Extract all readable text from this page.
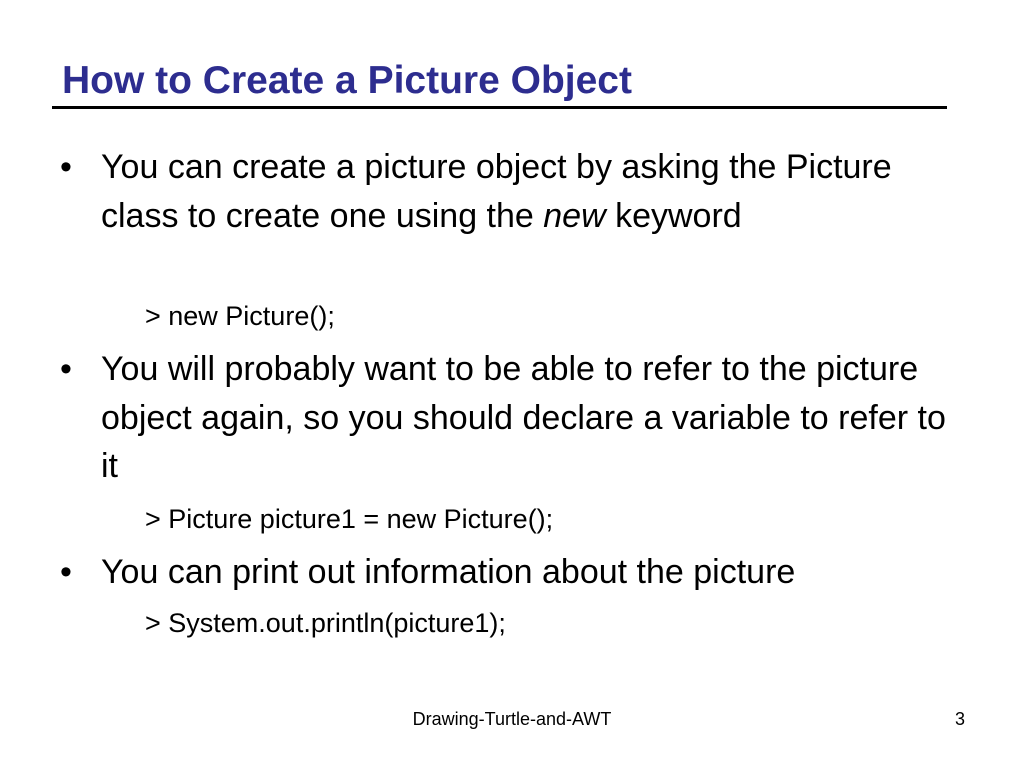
How to Create a Picture Object
• You can create a picture object by asking the Picture class to create one using the new keyword
> new Picture();
• You will probably want to be able to refer to the picture object again, so you should declare a variable to refer to it
> Picture picture1 = new Picture();
• You can print out information about the picture
> System.out.println(picture1);
Drawing-Turtle-and-AWT	3
